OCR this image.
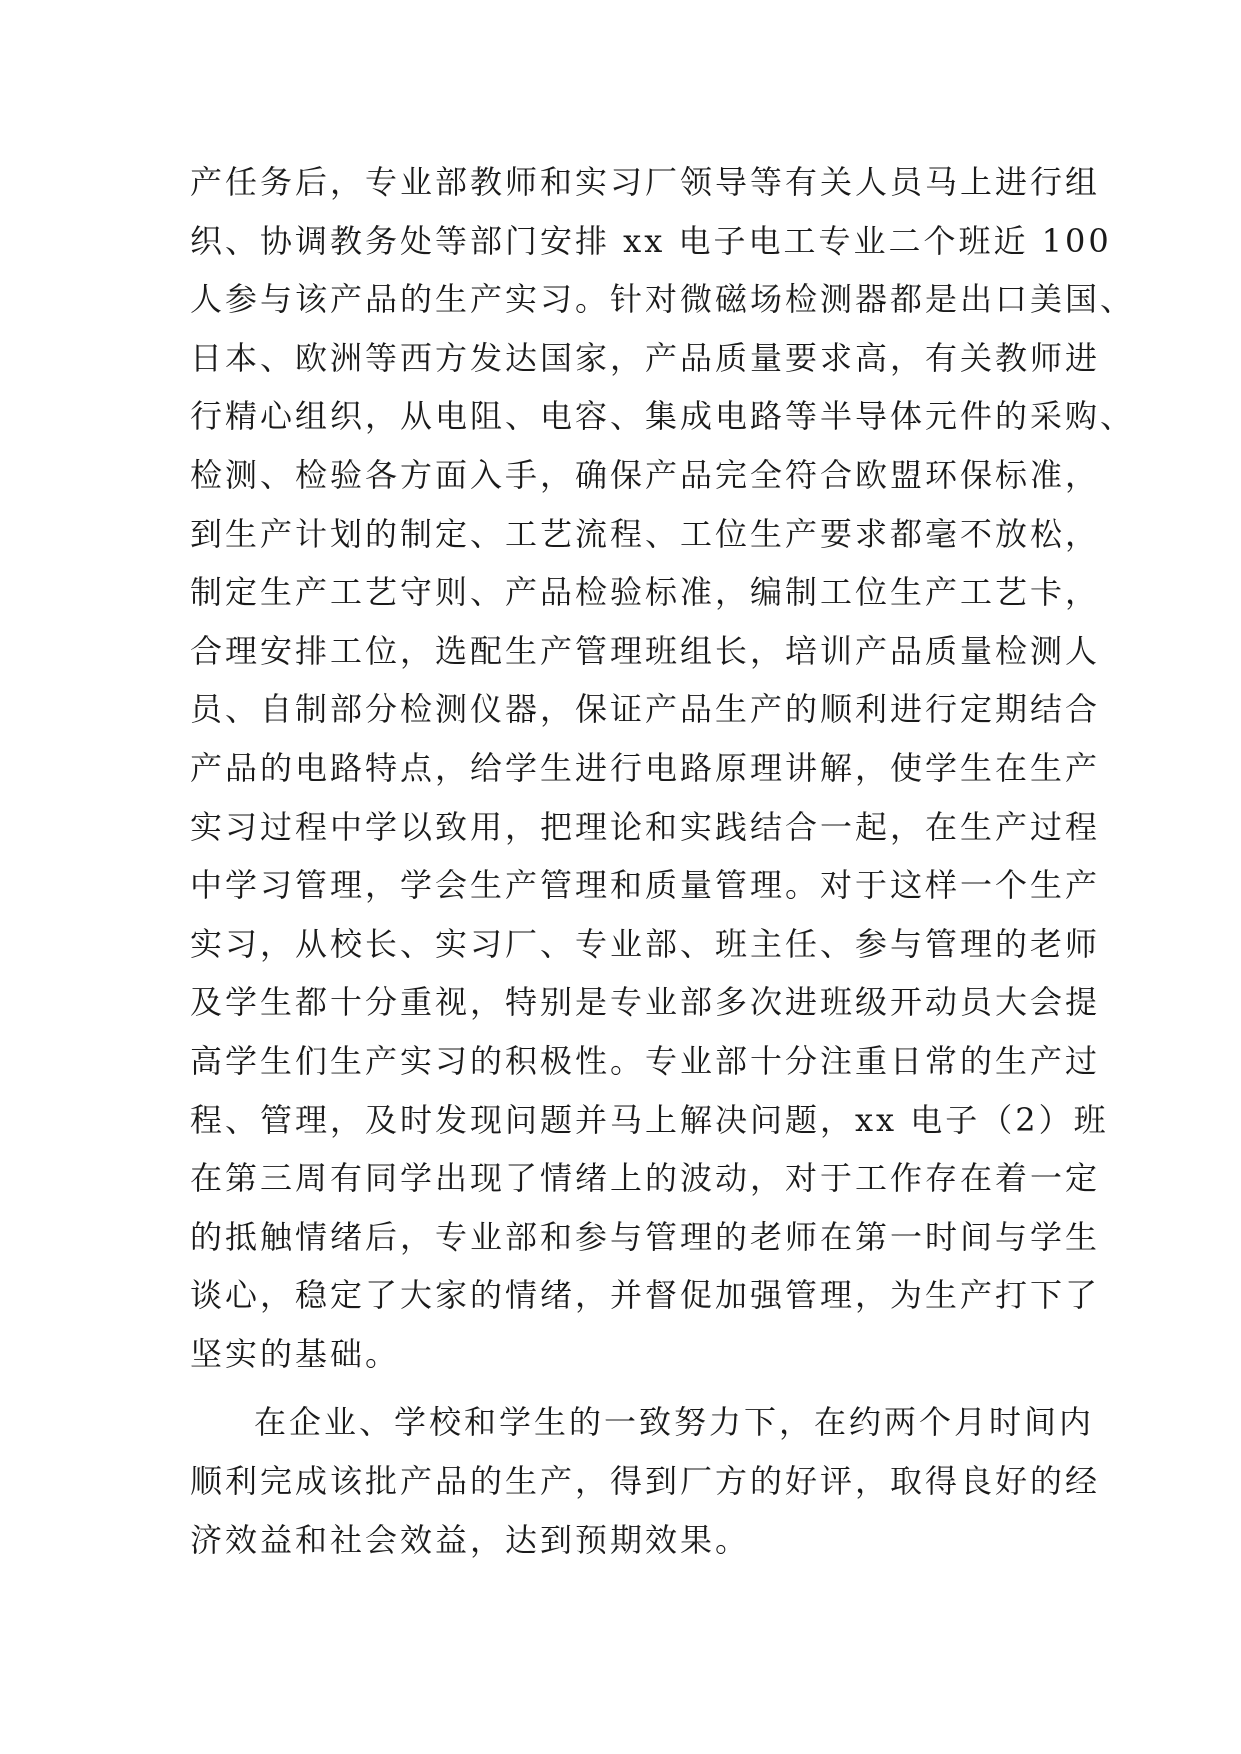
产任务后，专业部教师和实习厂领导等有关人员马上进行组
织、协调教务处等部门安排 xx 电子电工专业二个班近 100
人参与该产品的生产实习。针对微磁场检测器都是出口美国、
日本、欧洲等西方发达国家，产品质量要求高，有关教师进
行精心组织，从电阻、电容、集成电路等半导体元件的采购、
检测、检验各方面入手，确保产品完全符合欧盟环保标准，
到生产计划的制定、工艺流程、工位生产要求都毫不放松，
制定生产工艺守则、产品检验标准，编制工位生产工艺卡，
合理安排工位，选配生产管理班组长，培训产品质量检测人
员、自制部分检测仪器，保证产品生产的顺利进行定期结合
产品的电路特点，给学生进行电路原理讲解，使学生在生产
实习过程中学以致用，把理论和实践结合一起，在生产过程
中学习管理，学会生产管理和质量管理。对于这样一个生产
实习，从校长、实习厂、专业部、班主任、参与管理的老师
及学生都十分重视，特别是专业部多次进班级开动员大会提
高学生们生产实习的积极性。专业部十分注重日常的生产过
程、管理，及时发现问题并马上解决问题，xx 电子（2）班
在第三周有同学出现了情绪上的波动，对于工作存在着一定
的抵触情绪后，专业部和参与管理的老师在第一时间与学生
谈心，稳定了大家的情绪，并督促加强管理，为生产打下了
坚实的基础。
在企业、学校和学生的一致努力下，在约两个月时间内
顺利完成该批产品的生产，得到厂方的好评，取得良好的经
济效益和社会效益，达到预期效果。
